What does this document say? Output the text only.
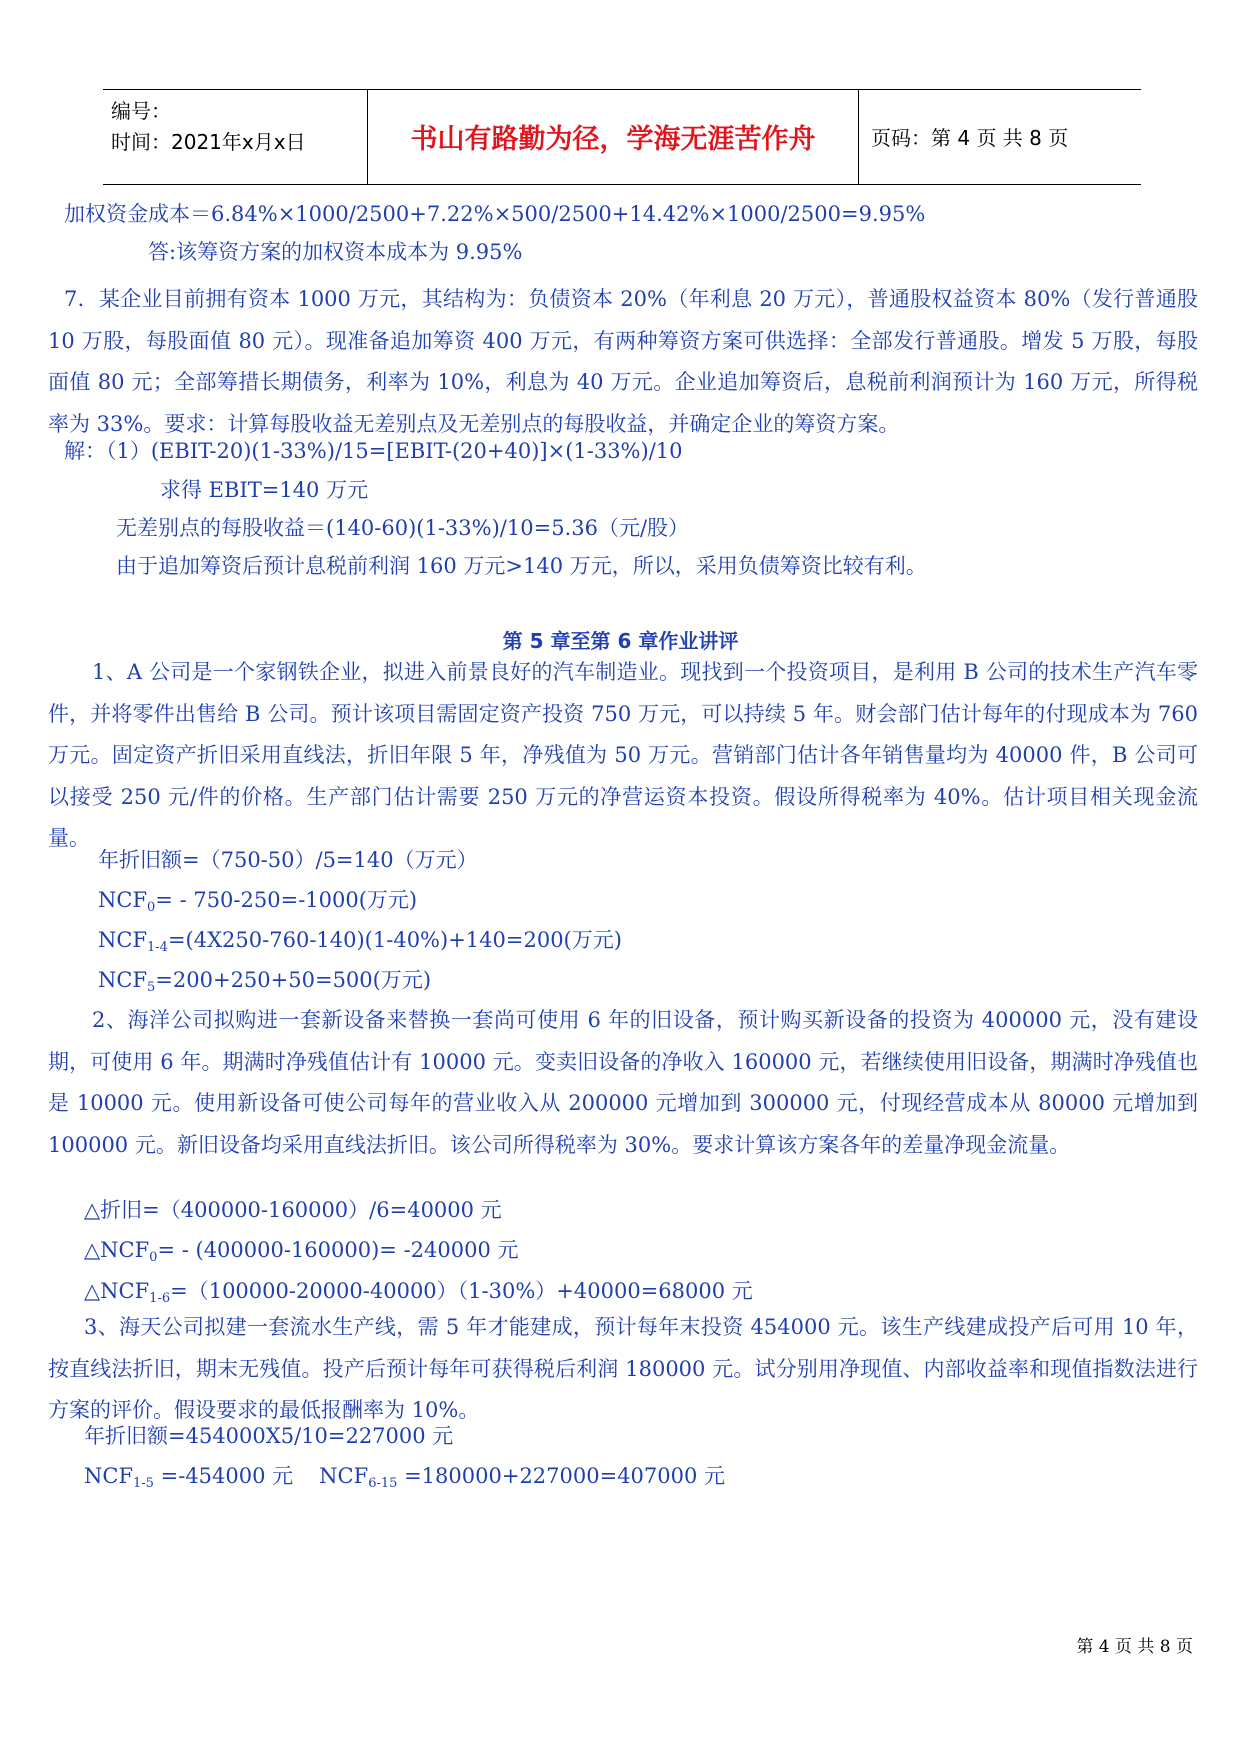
编号：
时间：2021年x月x日	书山有路勤为径，学海无涯苦作舟	页码：第 4 页 共 8 页
加权资金成本＝6.84%×1000/2500+7.22%×500/2500+14.42%×1000/2500=9.95%
答:该筹资方案的加权资本成本为 9.95%
7．某企业目前拥有资本 1000 万元，其结构为：负债资本 20%（年利息 20 万元），普通股权益资本 80%（发行普通股 10 万股，每股面值 80 元）。现准备追加筹资 400 万元，有两种筹资方案可供选择：全部发行普通股。增发 5 万股，每股面值 80 元；全部筹措长期债务，利率为 10%，利息为 40 万元。企业追加筹资后，息税前利润预计为 160 万元，所得税率为 33%。要求：计算每股收益无差别点及无差别点的每股收益，并确定企业的筹资方案。
解：（1）(EBIT-20)(1-33%)/15=[EBIT-(20+40)]×(1-33%)/10
求得 EBIT=140 万元
无差别点的每股收益＝(140-60)(1-33%)/10=5.36（元/股）
由于追加筹资后预计息税前利润 160 万元>140 万元，所以，采用负债筹资比较有利。
第 5 章至第 6 章作业讲评
1、A 公司是一个家钢铁企业，拟进入前景良好的汽车制造业。现找到一个投资项目，是利用 B 公司的技术生产汽车零件，并将零件出售给 B 公司。预计该项目需固定资产投资 750 万元，可以持续 5 年。财会部门估计每年的付现成本为 760 万元。固定资产折旧采用直线法，折旧年限 5 年，净残值为 50 万元。营销部门估计各年销售量均为 40000 件，B 公司可以接受 250 元/件的价格。生产部门估计需要 250 万元的净营运资本投资。假设所得税率为 40%。估计项目相关现金流量。
年折旧额=（750-50）/5=140（万元）
$NCF_0= - 750-250=-1000$(万元)
$NCF_{1-4}=(4X250-760-140)(1-40\%)+140=200$(万元)
$NCF_5=200+250+50=500$(万元)
2、海洋公司拟购进一套新设备来替换一套尚可使用 6 年的旧设备，预计购买新设备的投资为 400000 元，没有建设期，可使用 6 年。期满时净残值估计有 10000 元。变卖旧设备的净收入 160000 元，若继续使用旧设备，期满时净残值也是 10000 元。使用新设备可使公司每年的营业收入从 200000 元增加到 300000 元，付现经营成本从 80000 元增加到 100000 元。新旧设备均采用直线法折旧。该公司所得税率为 30%。要求计算该方案各年的差量净现金流量。
△折旧=（400000-160000）/6=40000 元
$\triangle NCF_0= - (400000-160000)= -240000$ 元
$\triangle NCF_{1-6}=(100000-20000-40000)(1-30\%)+40000=68000$ 元
3、海天公司拟建一套流水生产线，需 5 年才能建成，预计每年末投资 454000 元。该生产线建成投产后可用 10 年，按直线法折旧，期末无残值。投产后预计每年可获得税后利润 180000 元。试分别用净现值、内部收益率和现值指数法进行方案的评价。假设要求的最低报酬率为 10%。
年折旧额=454000X5/10=227000 元
$NCF_{1-5} =-454000$ 元 $NCF_{6-15} =180000+227000=407000$ 元
第 4 页 共 8 页
